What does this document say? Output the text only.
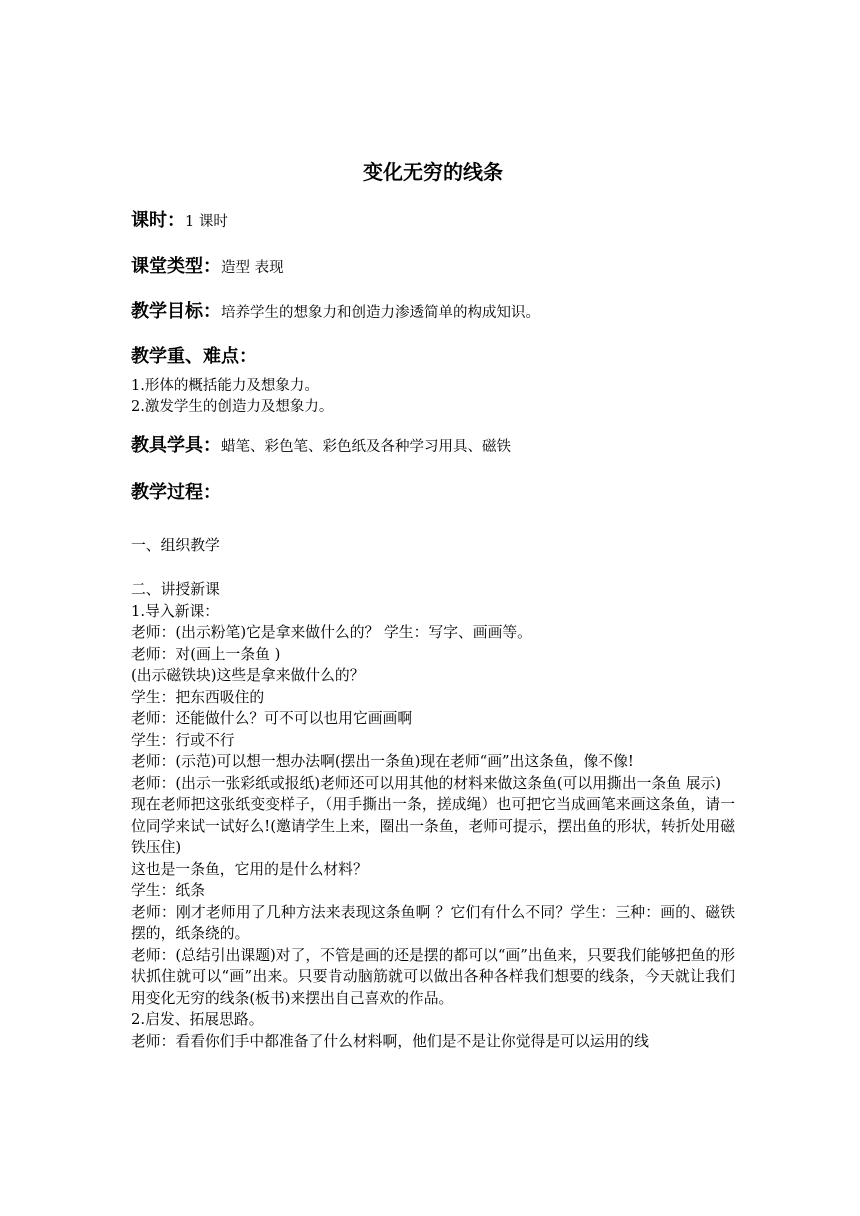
变化无穷的线条
课时：1 课时
课堂类型：造型 表现
教学目标：培养学生的想象力和创造力渗透简单的构成知识。
教学重、难点：
1.形体的概括能力及想象力。
2.激发学生的创造力及想象力。
教具学具：蜡笔、彩色笔、彩色纸及各种学习用具、磁铁
教学过程：
一、组织教学

二、讲授新课

1.导入新课：

老师：(出示粉笔)它是拿来做什么的？ 学生：写字、画画等。

老师：对(画上一条鱼 )

(出示磁铁块)这些是拿来做什么的？

学生：把东西吸住的

老师：还能做什么？可不可以也用它画画啊

学生：行或不行

老师：(示范)可以想一想办法啊(摆出一条鱼)现在老师“画”出这条鱼，像不像!

老师：(出示一张彩纸或报纸)老师还可以用其他的材料来做这条鱼(可以用撕出一条鱼 展示)

现在老师把这张纸变变样子，（用手撕出一条，搓成绳）也可把它当成画笔来画这条鱼，请一位同学来试一试好么!(邀请学生上来，圈出一条鱼，老师可提示，摆出鱼的形状，转折处用磁铁压住)

这也是一条鱼，它用的是什么材料？

学生：纸条

老师：刚才老师用了几种方法来表现这条鱼啊 ？它们有什么不同？学生：三种：画的、磁铁摆的，纸条绕的。

老师：(总结引出课题)对了，不管是画的还是摆的都可以“画”出鱼来，只要我们能够把鱼的形状抓住就可以“画”出来。只要肯动脑筋就可以做出各种各样我们想要的线条，今天就让我们用变化无穷的线条(板书)来摆出自己喜欢的作品。

2.启发、拓展思路。

老师：看看你们手中都准备了什么材料啊，他们是不是让你觉得是可以运用的线
